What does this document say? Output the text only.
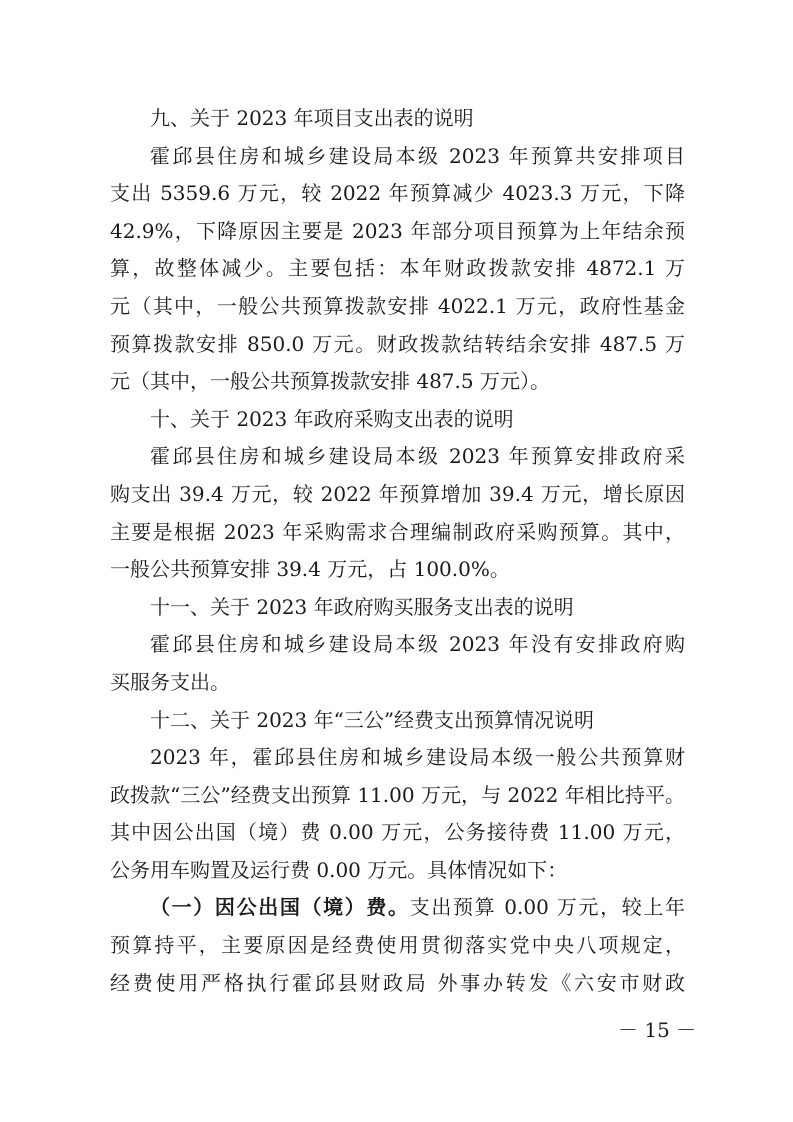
九、关于 2023 年项目支出表的说明
霍邱县住房和城乡建设局本级 2023 年预算共安排项目
支出 5359.6 万元，较 2022 年预算减少 4023.3 万元，下降
42.9%，下降原因主要是 2023 年部分项目预算为上年结余预
算，故整体减少。主要包括：本年财政拨款安排 4872.1 万
元（其中，一般公共预算拨款安排 4022.1 万元，政府性基金
预算拨款安排 850.0 万元。财政拨款结转结余安排 487.5 万
元（其中，一般公共预算拨款安排 487.5 万元）。
十、关于 2023 年政府采购支出表的说明
霍邱县住房和城乡建设局本级 2023 年预算安排政府采
购支出 39.4 万元，较 2022 年预算增加 39.4 万元，增长原因
主要是根据 2023 年采购需求合理编制政府采购预算。其中，
一般公共预算安排 39.4 万元，占 100.0%。
十一、关于 2023 年政府购买服务支出表的说明
霍邱县住房和城乡建设局本级 2023 年没有安排政府购
买服务支出。
十二、关于 2023 年“三公”经费支出预算情况说明
2023 年，霍邱县住房和城乡建设局本级一般公共预算财
政拨款“三公”经费支出预算 11.00 万元，与 2022 年相比持平。
其中因公出国（境）费 0.00 万元，公务接待费 11.00 万元，
公务用车购置及运行费 0.00 万元。具体情况如下：
（一）因公出国（境）费。支出预算 0.00 万元，较上年
预算持平，主要原因是经费使用贯彻落实党中央八项规定，
经费使用严格执行霍邱县财政局 外事办转发《六安市财政
－ 15 －
